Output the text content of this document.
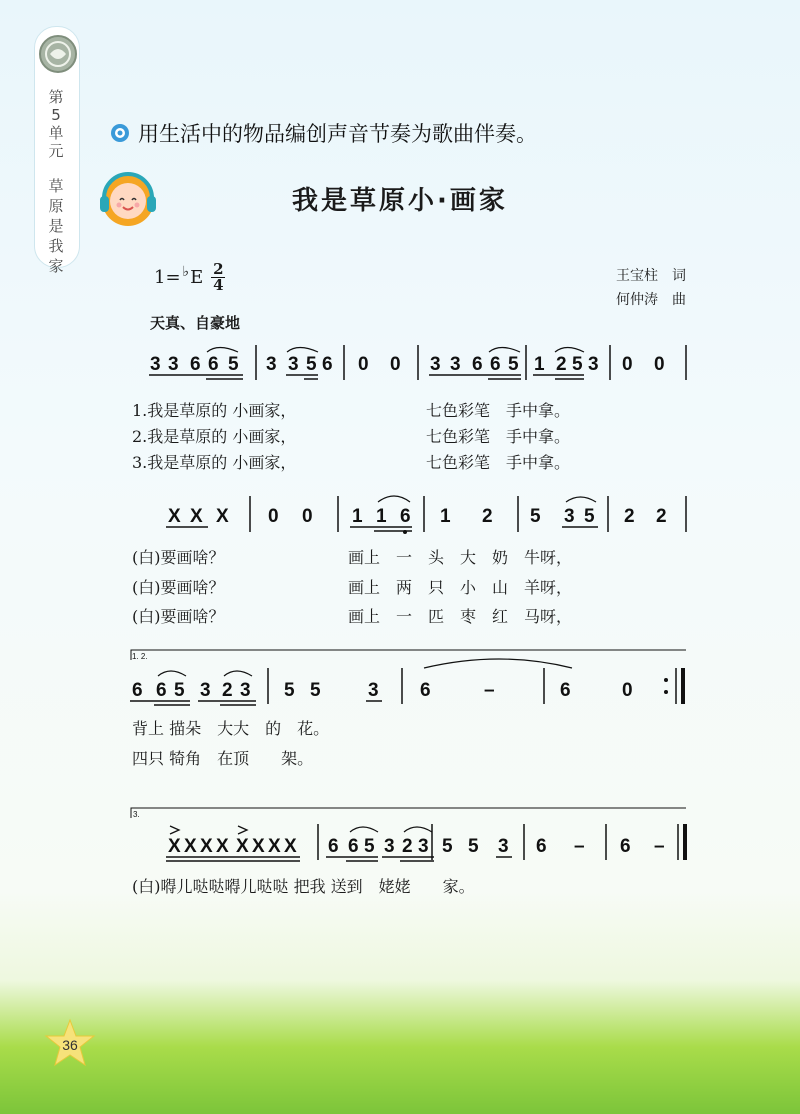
第
5
单
元
草
原
是
我
家
用生活中的物品编创声音节奏为歌曲伴奏。
我是草原小·画家
1= ♭ E 2
4	王宝柱　词
何仲涛　曲
天真、自豪地
3 3 6 6 5 3 3 5 6 0 0 3 3 6 6 5 1 2 5 3 0 0
X X X 0 0 1 1 6 1 2 5 3 5 2 2
1. 2.
6 6 5 3 2 3 5 5 3 6	–	6	0
3.
X X X X X X X X 6 6 5 3 2 3 5 5 3 6 – 6 –
1.我是草原的 小画家，	七色彩笔　手中拿。
2.我是草原的 小画家，	七色彩笔　手中拿。
3.我是草原的 小画家，	七色彩笔　手中拿。
(白)要画啥？	画上　一　头　大　奶　牛呀，
(白)要画啥？	画上　两　只　小　山　羊呀，
(白)要画啥？	画上　一　匹　枣　红　马呀，
背上 描朵　大大　的　花。
四只 犄角　在顶　　架。
(白)嘚儿哒哒嘚儿哒哒 把我 送到　姥姥　　家。
36
